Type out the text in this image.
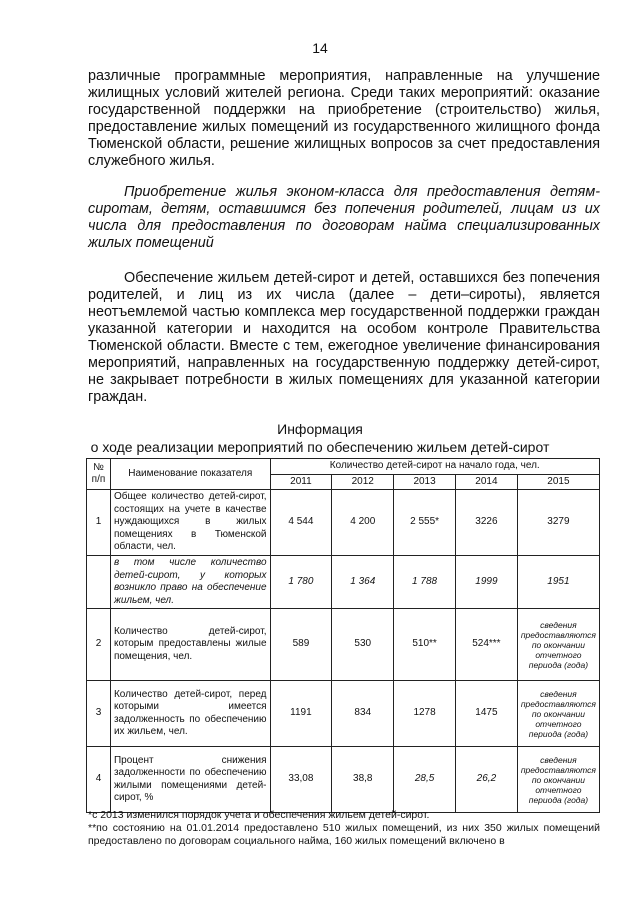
14
различные программные мероприятия, направленные на улучшение жилищных условий жителей региона. Среди таких мероприятий: оказание государственной поддержки на приобретение (строительство) жилья, предоставление жилых помещений из государственного жилищного фонда Тюменской области, решение жилищных вопросов за счет предоставления служебного жилья.
Приобретение жилья эконом-класса для предоставления детям-сиротам, детям, оставшимся без попечения родителей, лицам из их числа для предоставления по договорам найма специализированных жилых помещений
Обеспечение жильем детей-сирот и детей, оставшихся без попечения родителей, и лиц из их числа (далее – дети–сироты), является неотъемлемой частью комплекса мер государственной поддержки граждан указанной категории и находится на особом контроле Правительства Тюменской области. Вместе с тем, ежегодное увеличение финансирования мероприятий, направленных на государственную поддержку детей-сирот, не закрывает потребности в жилых помещениях для указанной категории граждан.
Информация
о ходе реализации мероприятий по обеспечению жильем детей-сирот
№ п/п	Наименование показателя	Количество детей-сирот на начало года, чел.				
		2011	2012	2013	2014	2015
1	Общее количество детей-сирот, состоящих на учете в качестве нуждающихся в жилых помещениях в Тюменской области, чел.	4 544	4 200	2 555*	3226	3279
	в том числе количество детей-сирот, у которых возникло право на обеспечение жильем, чел.	1 780	1 364	1 788	1999	1951
2	Количество детей-сирот, которым предоставлены жилые помещения, чел.	589	530	510**	524***	сведения предоставляются по окончании отчетного периода (года)
3	Количество детей-сирот, перед которыми имеется задолженность по обеспечению их жильем, чел.	1191	834	1278	1475	сведения предоставляются по окончании отчетного периода (года)
4	Процент снижения задолженности по обеспечению жилыми помещениями детей-сирот, %	33,08	38,8	28,5	26,2	сведения предоставляются по окончании отчетного периода (года)
*с 2013 изменился порядок учета и обеспечения жильем детей-сирот.
**по состоянию на 01.01.2014 предоставлено 510 жилых помещений, из них 350 жилых помещений предоставлено по договорам социального найма, 160 жилых помещений включено в
